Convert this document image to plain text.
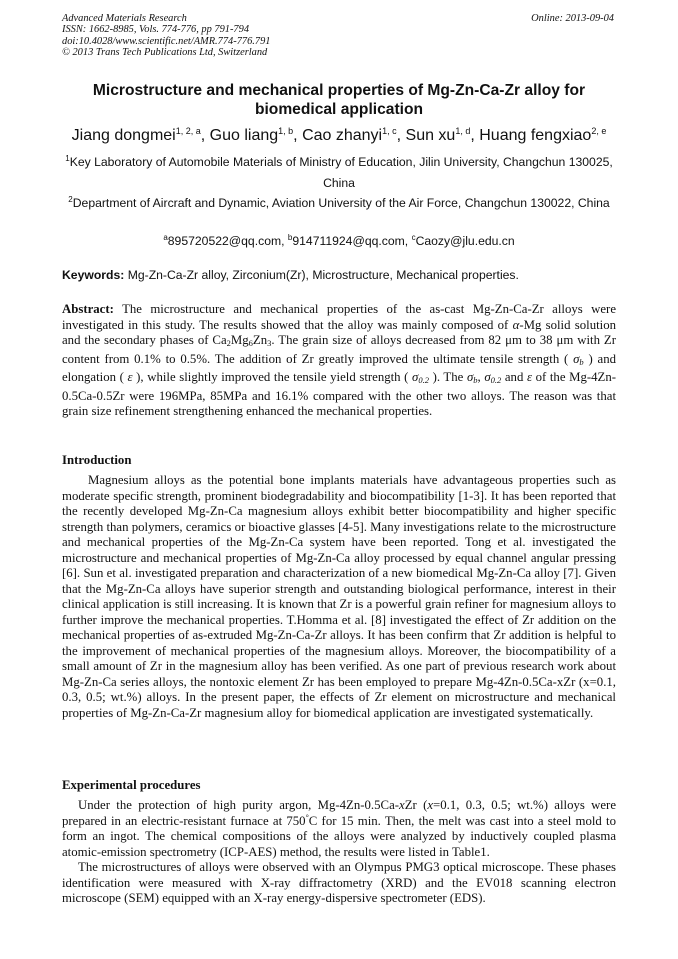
Advanced Materials Research
ISSN: 1662-8985, Vols. 774-776, pp 791-794
doi:10.4028/www.scientific.net/AMR.774-776.791
© 2013 Trans Tech Publications Ltd, Switzerland
Online: 2013-09-04
Microstructure and mechanical properties of Mg-Zn-Ca-Zr alloy for biomedical application
Jiang dongmei$^{1, 2, a}$, Guo liang$^{1, b}$, Cao zhanyi$^{1, c}$, Sun xu$^{1, d}$, Huang fengxiao$^{2, e}$
$^1$Key Laboratory of Automobile Materials of Ministry of Education, Jilin University, Changchun 130025, China
$^2$Department of Aircraft and Dynamic, Aviation University of the Air Force, Changchun 130022, China
$^a$895720522@qq.com, $^b$914711924@qq.com, $^c$Caozy@jlu.edu.cn
Keywords: Mg-Zn-Ca-Zr alloy, Zirconium(Zr), Microstructure, Mechanical properties.
Abstract: The microstructure and mechanical properties of the as-cast Mg-Zn-Ca-Zr alloys were investigated in this study. The results showed that the alloy was mainly composed of α-Mg solid solution and the secondary phases of $Ca_2Mg_6Zn_3$. The grain size of alloys decreased from 82 μm to 38 μm with Zr content from 0.1% to 0.5%. The addition of Zr greatly improved the ultimate tensile strength ( $\sigma_b$ ) and elongation ( ε ), while slightly improved the tensile yield strength ( $\sigma_{0.2}$ ). The $\sigma_b$, $\sigma_{0.2}$ and ε of the Mg-4Zn-0.5Ca-0.5Zr were 196MPa, 85MPa and 16.1% compared with the other two alloys. The reason was that grain size refinement strengthening enhanced the mechanical properties.
Introduction
Magnesium alloys as the potential bone implants materials have advantageous properties such as moderate specific strength, prominent biodegradability and biocompatibility [1-3]. It has been reported that the recently developed Mg-Zn-Ca magnesium alloys exhibit better biocompatibility and higher specific strength than polymers, ceramics or bioactive glasses [4-5]. Many investigations relate to the microstructure and mechanical properties of the Mg-Zn-Ca system have been reported. Tong et al. investigated the microstructure and mechanical properties of Mg-Zn-Ca alloy processed by equal channel angular pressing [6]. Sun et al. investigated preparation and characterization of a new biomedical Mg-Zn-Ca alloy [7]. Given that the Mg-Zn-Ca alloys have superior strength and outstanding biological performance, interest in their clinical application is still increasing. It is known that Zr is a powerful grain refiner for magnesium alloys to further improve the mechanical properties. T.Homma et al. [8] investigated the effect of Zr addition on the mechanical properties of as-extruded Mg-Zn-Ca-Zr alloys. It has been confirm that Zr addition is helpful to the improvement of mechanical properties of the magnesium alloys. Moreover, the biocompatibility of a small amount of Zr in the magnesium alloy has been verified. As one part of previous research work about Mg-Zn-Ca series alloys, the nontoxic element Zr has been employed to prepare Mg-4Zn-0.5Ca-xZr (x=0.1, 0.3, 0.5; wt.%) alloys. In the present paper, the effects of Zr element on microstructure and mechanical properties of Mg-Zn-Ca-Zr magnesium alloy for biomedical application are investigated systematically.
Experimental procedures
Under the protection of high purity argon, Mg-4Zn-0.5Ca-xZr (x=0.1, 0.3, 0.5; wt.%) alloys were prepared in an electric-resistant furnace at 750°C for 15 min. Then, the melt was cast into a steel mold to form an ingot. The chemical compositions of the alloys were analyzed by inductively coupled plasma atomic-emission spectrometry (ICP-AES) method, the results were listed in Table1.
The microstructures of alloys were observed with an Olympus PMG3 optical microscope. These phases identification were measured with X-ray diffractometry (XRD) and the EV018 scanning electron microscope (SEM) equipped with an X-ray energy-dispersive spectrometer (EDS).
